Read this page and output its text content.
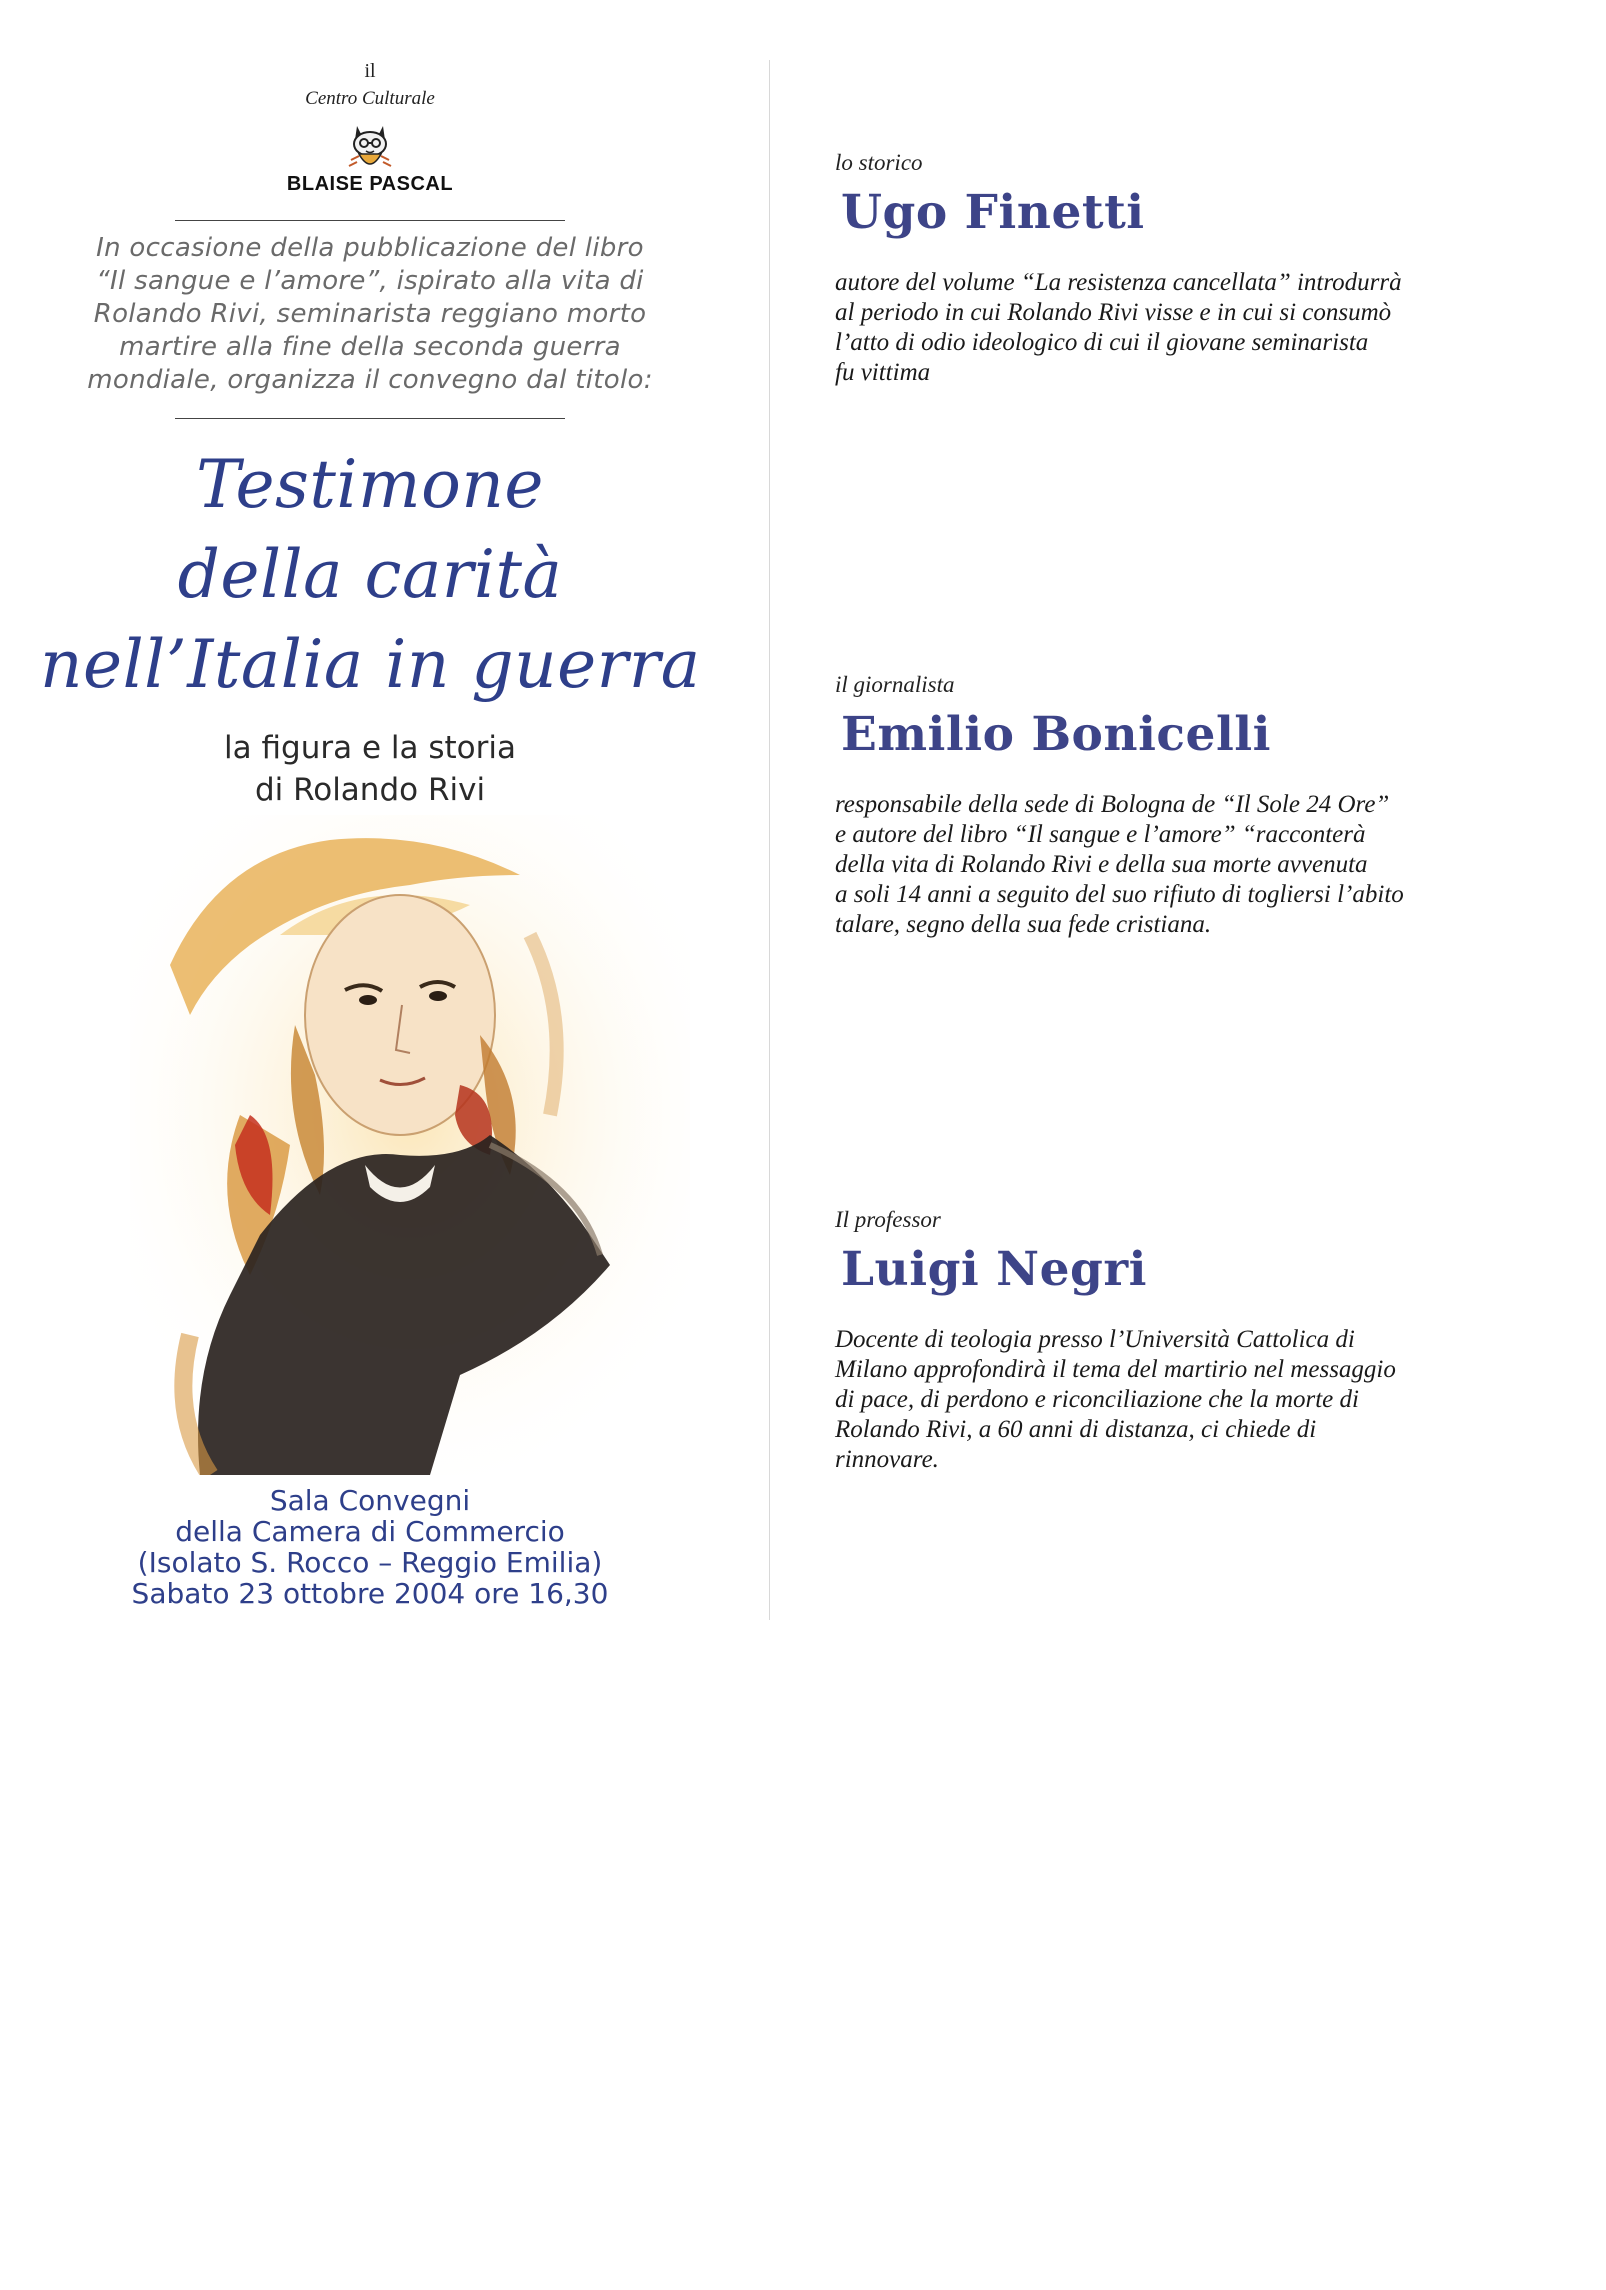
il
Centro Culturale
BLAISE PASCAL
In occasione della pubblicazione del libro
“Il sangue e l’amore”, ispirato alla vita di
Rolando Rivi, seminarista reggiano morto
martire alla fine della seconda guerra
mondiale, organizza il convegno dal titolo:
Testimone
della carità
nell’Italia in guerra
la figura e la storia
di Rolando Rivi
Sala Convegni
della Camera di Commercio
(Isolato S. Rocco – Reggio Emilia)
Sabato 23 ottobre 2004 ore 16,30
lo storico
Ugo Finetti
autore del volume “La resistenza cancellata” introdurrà
al periodo in cui Rolando Rivi visse e in cui si consumò
l’atto di odio ideologico di cui il giovane seminarista
fu vittima
il giornalista
Emilio Bonicelli
responsabile della sede di Bologna de “Il Sole 24 Ore”
e autore del libro “Il sangue e l’amore” “racconterà
della vita di Rolando Rivi e della sua morte avvenuta
a soli 14 anni a seguito del suo rifiuto di togliersi l’abito
talare, segno della sua fede cristiana.
Il professor
Luigi Negri
Docente di teologia presso l’Università Cattolica di
Milano approfondirà il tema del martirio nel messaggio
di pace, di perdono e riconciliazione che la morte di
Rolando Rivi, a 60 anni di distanza, ci chiede di
rinnovare.
